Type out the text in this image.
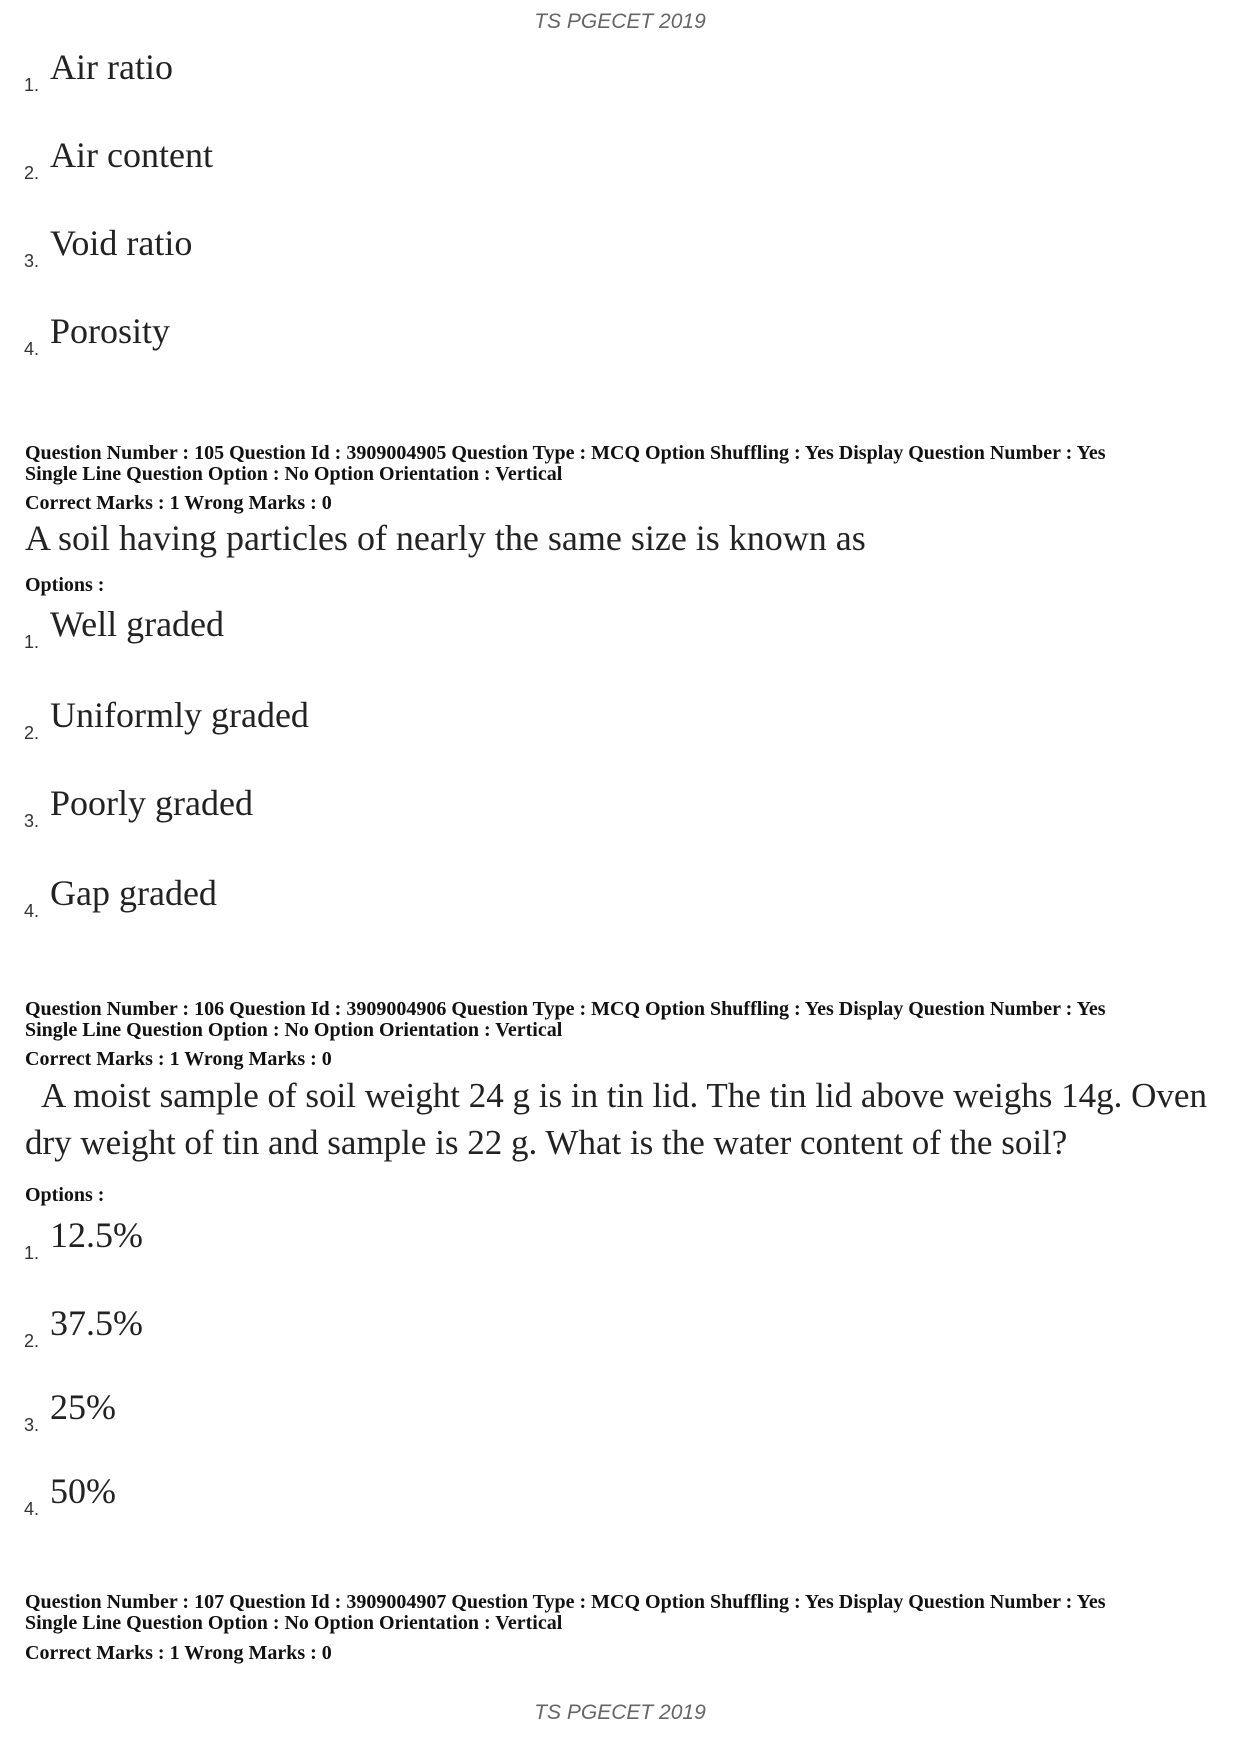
TS PGECET 2019
1. Air ratio
2. Air content
3. Void ratio
4. Porosity
Question Number : 105 Question Id : 3909004905 Question Type : MCQ Option Shuffling : Yes Display Question Number : Yes
Single Line Question Option : No Option Orientation : Vertical
Correct Marks : 1 Wrong Marks : 0
A soil having particles of nearly the same size is known as
Options :
1. Well graded
2. Uniformly graded
3. Poorly graded
4. Gap graded
Question Number : 106 Question Id : 3909004906 Question Type : MCQ Option Shuffling : Yes Display Question Number : Yes
Single Line Question Option : No Option Orientation : Vertical
Correct Marks : 1 Wrong Marks : 0
A moist sample of soil weight 24 g is in tin lid. The tin lid above weighs 14g. Oven
dry weight of tin and sample is 22 g. What is the water content of the soil?
Options :
1. 12.5%
2. 37.5%
3. 25%
4. 50%
Question Number : 107 Question Id : 3909004907 Question Type : MCQ Option Shuffling : Yes Display Question Number : Yes
Single Line Question Option : No Option Orientation : Vertical
Correct Marks : 1 Wrong Marks : 0
TS PGECET 2019
